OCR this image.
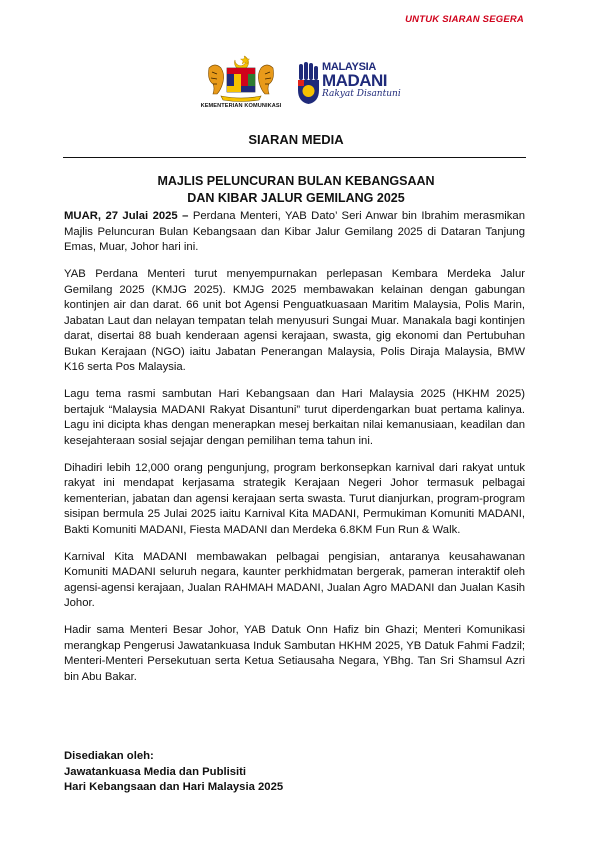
UNTUK SIARAN SEGERA
KEMENTERIAN KOMUNIKASI
MALAYSIA
MADANI
Rakyat Disantuni
SIARAN MEDIA
MAJLIS PELUNCURAN BULAN KEBANGSAAN
DAN KIBAR JALUR GEMILANG 2025

MUAR, 27 Julai 2025 – Perdana Menteri, YAB Dato’ Seri Anwar bin Ibrahim merasmikan Majlis Peluncuran Bulan Kebangsaan dan Kibar Jalur Gemilang 2025 di Dataran Tanjung Emas, Muar, Johor hari ini.

YAB Perdana Menteri turut menyempurnakan perlepasan Kembara Merdeka Jalur Gemilang 2025 (KMJG 2025). KMJG 2025 membawakan kelainan dengan gabungan kontinjen air dan darat. 66 unit bot Agensi Penguatkuasaan Maritim Malaysia, Polis Marin, Jabatan Laut dan nelayan tempatan telah menyusuri Sungai Muar. Manakala bagi kontinjen darat, disertai 88 buah kenderaan agensi kerajaan, swasta, gig ekonomi dan Pertubuhan Bukan Kerajaan (NGO) iaitu Jabatan Penerangan Malaysia, Polis Diraja Malaysia, BMW K16 serta Pos Malaysia.

Lagu tema rasmi sambutan Hari Kebangsaan dan Hari Malaysia 2025 (HKHM 2025) bertajuk “Malaysia MADANI Rakyat Disantuni” turut diperdengarkan buat pertama kalinya. Lagu ini dicipta khas dengan menerapkan mesej berkaitan nilai kemanusiaan, keadilan dan kesejahteraan sosial sejajar dengan pemilihan tema tahun ini.

Dihadiri lebih 12,000 orang pengunjung, program berkonsepkan karnival dari rakyat untuk rakyat ini mendapat kerjasama strategik Kerajaan Negeri Johor termasuk pelbagai kementerian, jabatan dan agensi kerajaan serta swasta. Turut dianjurkan, program-program sisipan bermula 25 Julai 2025 iaitu Karnival Kita MADANI, Permukiman Komuniti MADANI, Bakti Komuniti MADANI, Fiesta MADANI dan Merdeka 6.8KM Fun Run & Walk.

Karnival Kita MADANI membawakan pelbagai pengisian, antaranya keusahawanan Komuniti MADANI seluruh negara, kaunter perkhidmatan bergerak, pameran interaktif oleh agensi-agensi kerajaan, Jualan RAHMAH MADANI, Jualan Agro MADANI dan Jualan Kasih Johor.

Hadir sama Menteri Besar Johor, YAB Datuk Onn Hafiz bin Ghazi; Menteri Komunikasi merangkap Pengerusi Jawatankuasa Induk Sambutan HKHM 2025, YB Datuk Fahmi Fadzil; Menteri-Menteri Persekutuan serta Ketua Setiausaha Negara, YBhg. Tan Sri Shamsul Azri bin Abu Bakar.

Disediakan oleh:
Jawatankuasa Media dan Publisiti
Hari Kebangsaan dan Hari Malaysia 2025
